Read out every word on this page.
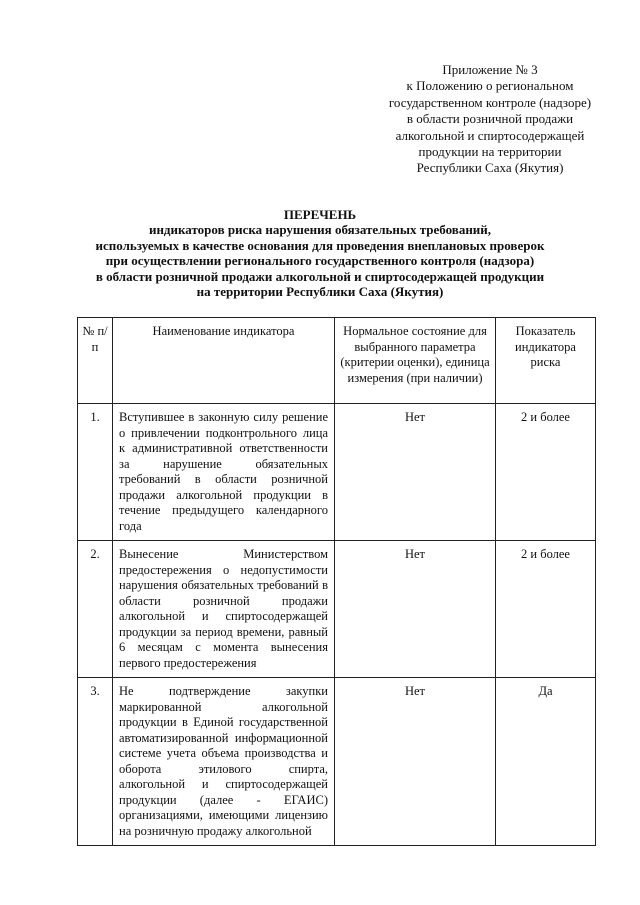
Приложение № 3
к Положению о региональном
государственном контроле (надзоре)
в области розничной продажи
алкогольной и спиртосодержащей
продукции на территории
Республики Саха (Якутия)
ПЕРЕЧЕНЬ
индикаторов риска нарушения обязательных требований,
используемых в качестве основания для проведения внеплановых проверок
при осуществлении регионального государственного контроля (надзора)
в области розничной продажи алкогольной и спиртосодержащей продукции
на территории Республики Саха (Якутия)
№ п/п	Наименование индикатора	Нормальное состояние для выбранного параметра (критерии оценки), единица измерения (при наличии)	Показатель индикатора риска
1.	Вступившее в законную силу решение о привлечении подконтрольного лица к административной ответственности за нарушение обязательных требований в области розничной продажи алкогольной продукции в течение предыдущего календарного года	Нет	2 и более
2.	Вынесение Министерством предостережения о недопустимости нарушения обязательных требований в области розничной продажи алкогольной и спиртосодержащей продукции за период времени, равный 6 месяцам с момента вынесения первого предостережения	Нет	2 и более
3.	Не подтверждение закупки маркированной алкогольной продукции в Единой государственной автоматизированной информационной системе учета объема производства и оборота этилового спирта, алкогольной и спиртосодержащей продукции (далее - ЕГАИС) организациями, имеющими лицензию на розничную продажу алкогольной	Нет	Да
